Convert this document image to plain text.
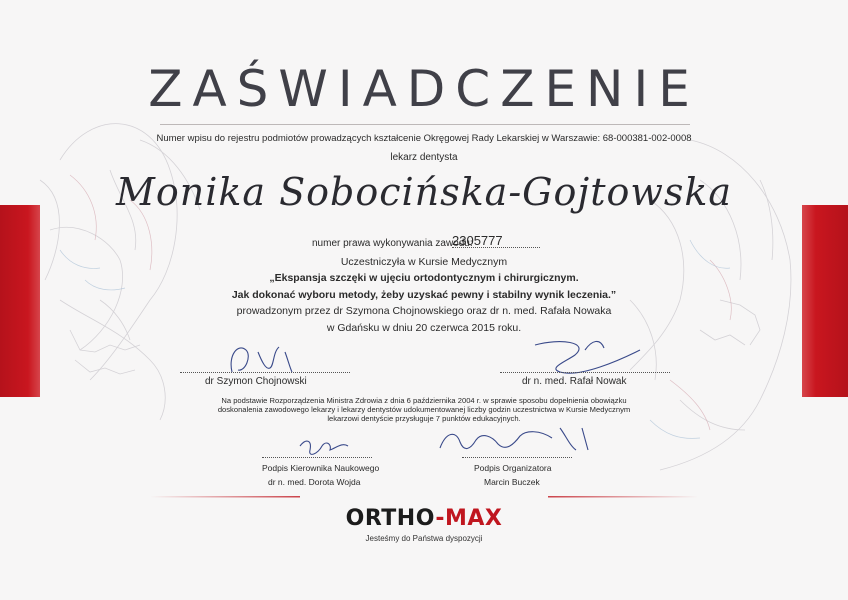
ZAŚWIADCZENIE
Numer wpisu do rejestru podmiotów prowadzących kształcenie Okręgowej Rady Lekarskiej w Warszawie: 68-000381-002-0008
lekarz dentysta
Monika Sobocińska-Gojtowska
numer prawa wykonywania zawodu:
2305777
Uczestniczyła w Kursie Medycznym
„Ekspansja szczęki w ujęciu ortodontycznym i chirurgicznym.
Jak dokonać wyboru metody, żeby uzyskać pewny i stabilny wynik leczenia.”
prowadzonym przez dr Szymona Chojnowskiego oraz dr n. med. Rafała Nowaka
w Gdańsku w dniu 20 czerwca 2015 roku.
dr Szymon Chojnowski	dr n. med. Rafał Nowak
Na podstawie Rozporządzenia Ministra Zdrowia z dnia 6 października 2004 r. w sprawie sposobu dopełnienia obowiązku doskonalenia zawodowego lekarzy i lekarzy dentystów udokumentowanej liczby godzin uczestnictwa w Kursie Medycznym lekarzowi dentyście przysługuje 7 punktów edukacyjnych.
Podpis Kierownika Naukowego
dr n. med. Dorota Wojda
Podpis Organizatora
Marcin Buczek
ORTHO-MAX
Jesteśmy do Państwa dyspozycji
